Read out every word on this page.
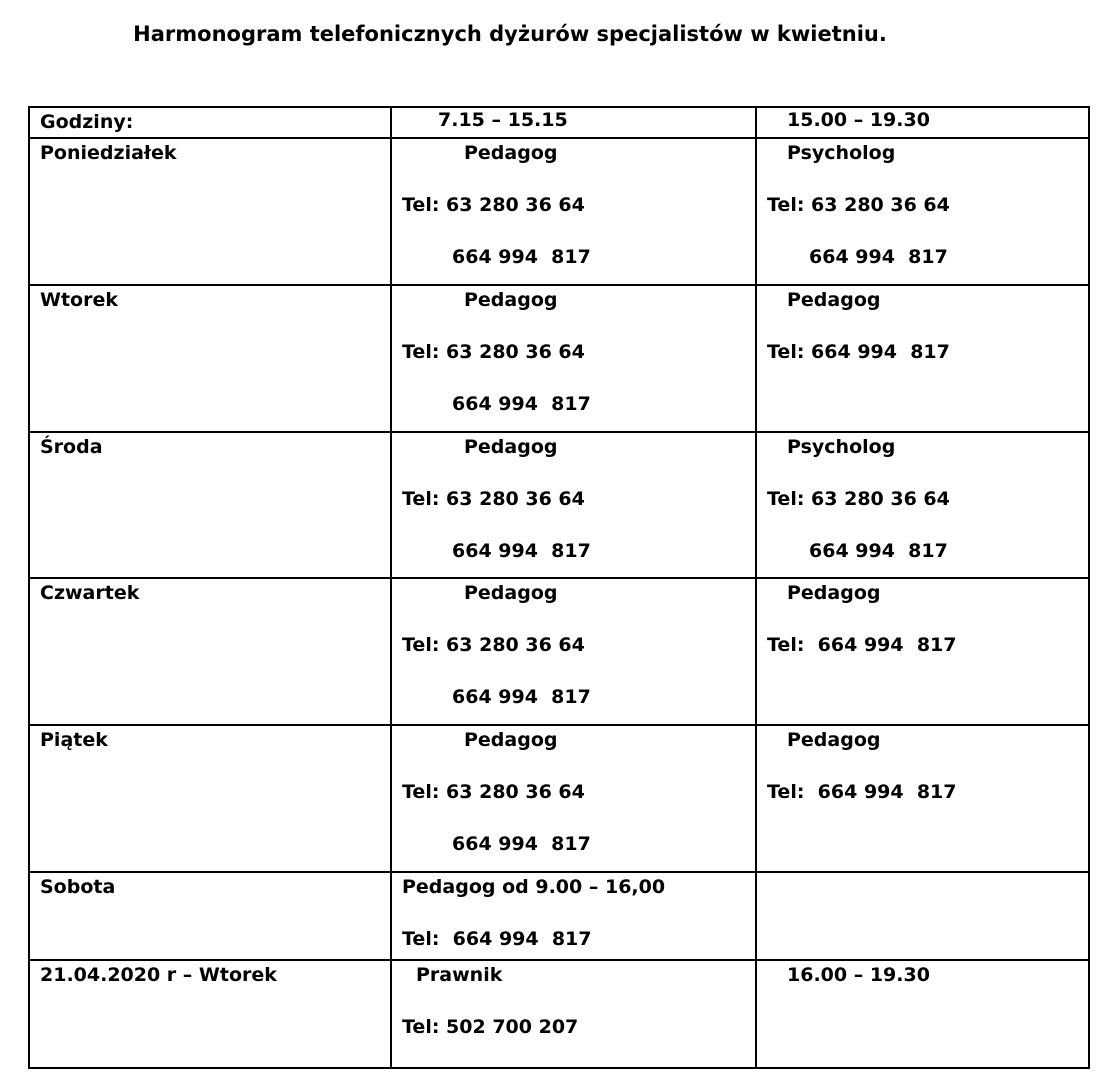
Harmonogram telefonicznych dyżurów specjalistów w kwietniu.
Godziny:	7.15 – 15.15	15.00 – 19.30

Poniedziałek	Pedagog
Tel: 63 280 36 64
664 994  817	Psycholog
Tel: 63 280 36 64
664 994  817

Wtorek	Pedagog
Tel: 63 280 36 64
664 994  817	Pedagog
Tel: 664 994  817

Środa	Pedagog
Tel: 63 280 36 64
664 994  817	Psycholog
Tel: 63 280 36 64
664 994  817

Czwartek	Pedagog
Tel: 63 280 36 64
664 994  817	Pedagog
Tel:  664 994  817

Piątek	Pedagog
Tel: 63 280 36 64
664 994  817	Pedagog
Tel:  664 994  817

Sobota	Pedagog od 9.00 – 16,00
Tel:  664 994  817	

21.04.2020 r – Wtorek	Prawnik
Tel: 502 700 207	16.00 – 19.30
